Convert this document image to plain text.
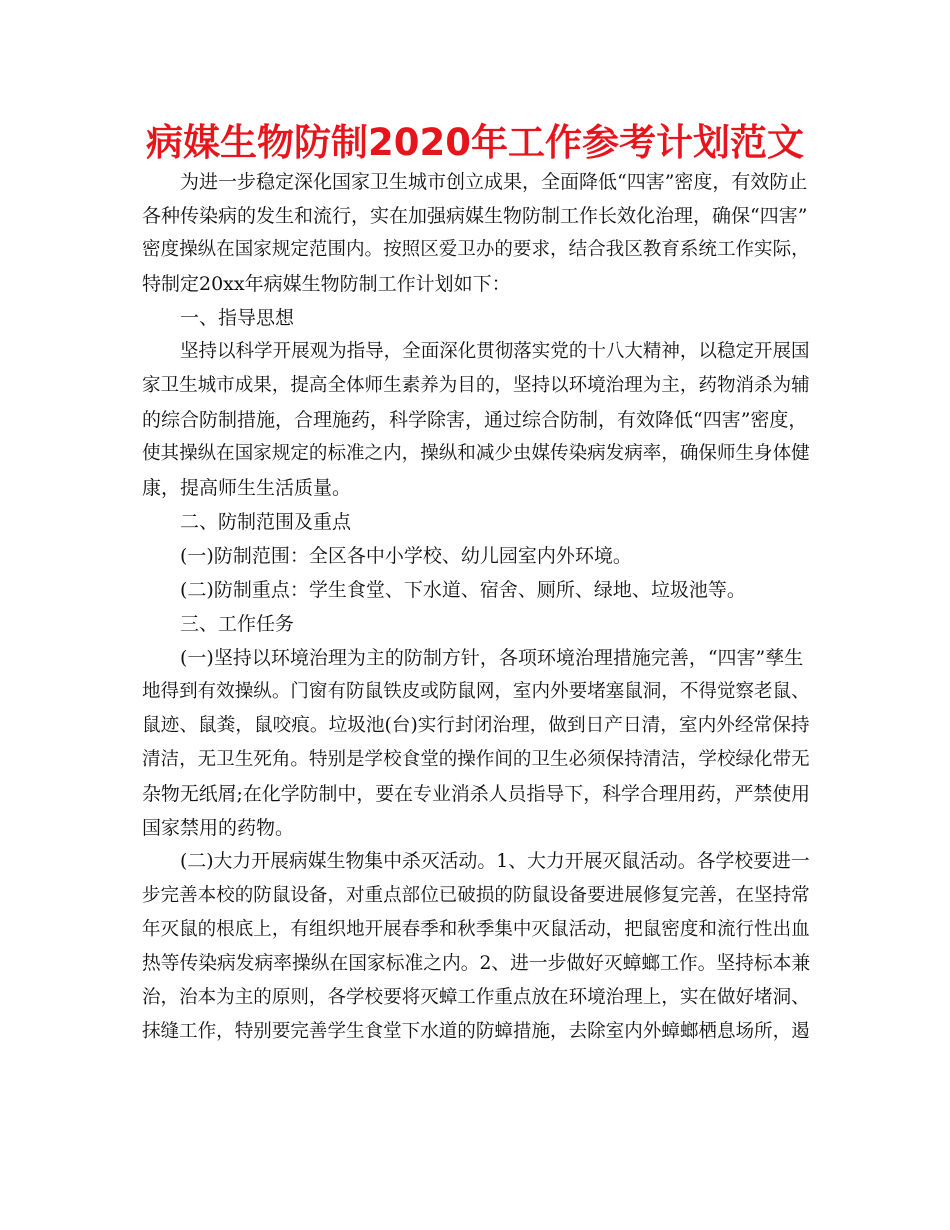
病媒生物防制2020年工作参考计划范文
为进一步稳定深化国家卫生城市创立成果，全面降低“四害”密度，有效防止
各种传染病的发生和流行，实在加强病媒生物防制工作长效化治理，确保“四害”
密度操纵在国家规定范围内。按照区爱卫办的要求，结合我区教育系统工作实际，
特制定20xx年病媒生物防制工作计划如下：
一、指导思想
坚持以科学开展观为指导，全面深化贯彻落实党的十八大精神，以稳定开展国
家卫生城市成果，提高全体师生素养为目的，坚持以环境治理为主，药物消杀为辅
的综合防制措施，合理施药，科学除害，通过综合防制，有效降低“四害”密度，
使其操纵在国家规定的标准之内，操纵和减少虫媒传染病发病率，确保师生身体健
康，提高师生生活质量。
二、防制范围及重点
(一)防制范围：全区各中小学校、幼儿园室内外环境。
(二)防制重点：学生食堂、下水道、宿舍、厕所、绿地、垃圾池等。
三、工作任务
(一)坚持以环境治理为主的防制方针，各项环境治理措施完善，“四害”孳生
地得到有效操纵。门窗有防鼠铁皮或防鼠网，室内外要堵塞鼠洞，不得觉察老鼠、
鼠迹、鼠粪，鼠咬痕。垃圾池(台)实行封闭治理，做到日产日清，室内外经常保持
清洁，无卫生死角。特别是学校食堂的操作间的卫生必须保持清洁，学校绿化带无
杂物无纸屑;在化学防制中，要在专业消杀人员指导下，科学合理用药，严禁使用
国家禁用的药物。
(二)大力开展病媒生物集中杀灭活动。1、大力开展灭鼠活动。各学校要进一
步完善本校的防鼠设备，对重点部位已破损的防鼠设备要进展修复完善，在坚持常
年灭鼠的根底上，有组织地开展春季和秋季集中灭鼠活动，把鼠密度和流行性出血
热等传染病发病率操纵在国家标准之内。2、进一步做好灭蟑螂工作。坚持标本兼
治，治本为主的原则，各学校要将灭蟑工作重点放在环境治理上，实在做好堵洞、
抹缝工作，特别要完善学生食堂下水道的防蟑措施，去除室内外蟑螂栖息场所，遏
